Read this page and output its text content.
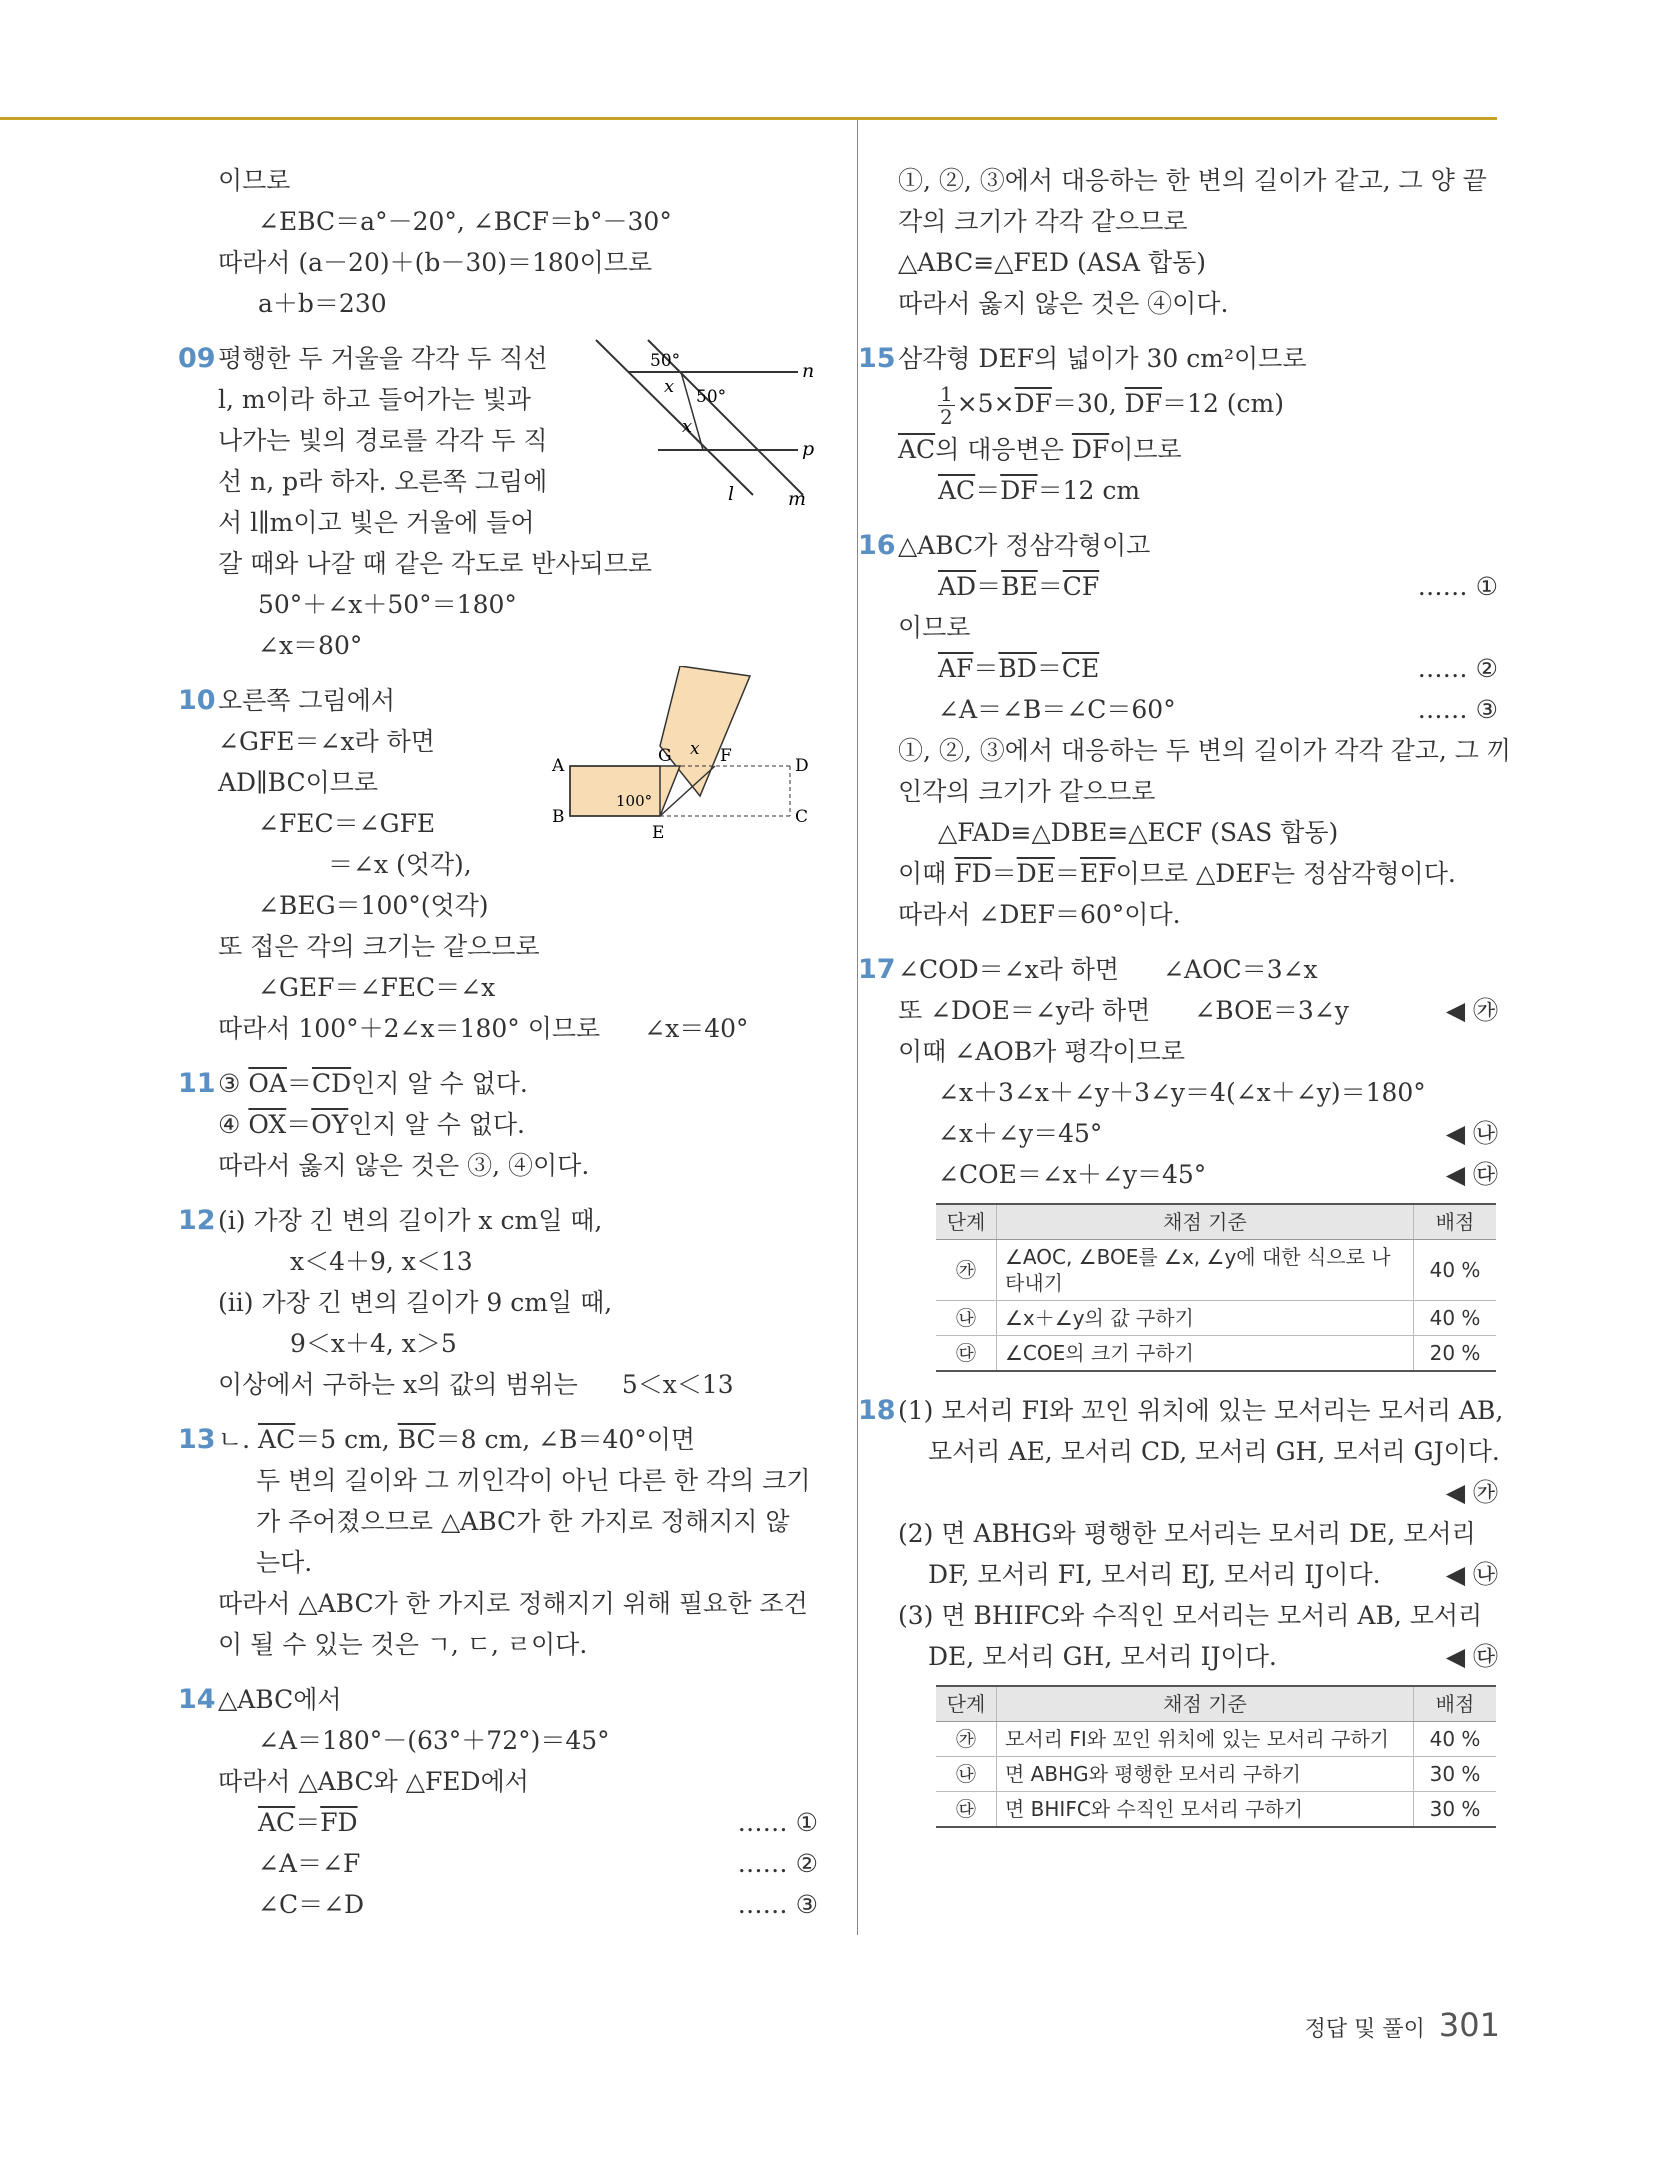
이므로
∠EBC＝a°－20°, ∠BCF＝b°－30°
따라서 (a－20)＋(b－30)＝180이므로
a＋b＝230
09 평행한 두 거울을 각각 두 직선
l, m이라 하고 들어가는 빛과
나가는 빛의 경로를 각각 두 직
선 n, p라 하자. 오른쪽 그림에
서 l∥m이고 빛은 거울에 들어
갈 때와 나갈 때 같은 각도로 반사되므로
50°＋∠x＋50°＝180°
∠x＝80°
50°
50°
x
x
n
p
l	m
10 오른쪽 그림에서
∠GFE＝∠x라 하면
AD∥BC이므로
∠FEC＝∠GFE
＝∠x (엇각),
∠BEG＝100°(엇각)
또 접은 각의 크기는 같으므로
∠GEF＝∠FEC＝∠x
따라서 100°＋2∠x＝180° 이므로 ∠x＝40°
A
B	C
D
E
F
G x
100°
11 ③ $\overline{OA}=\overline{CD}$인지 알 수 없다.
④ $\overline{OX}=\overline{OY}$인지 알 수 없다.
따라서 옳지 않은 것은 ③, ④이다.
12 (i) 가장 긴 변의 길이가 x cm일 때,
x＜4＋9, x＜13
(ii) 가장 긴 변의 길이가 9 cm일 때,
9＜x＋4, x＞5
이상에서 구하는 x의 값의 범위는 5＜x＜13
13 ㄴ. $\overline{AC}=5$ cm, $\overline{BC}=8$ cm, ∠B＝40°이면
두 변의 길이와 그 끼인각이 아닌 다른 한 각의 크기
가 주어졌으므로 △ABC가 한 가지로 정해지지 않
는다.
따라서 △ABC가 한 가지로 정해지기 위해 필요한 조건
이 될 수 있는 것은 ㄱ, ㄷ, ㄹ이다.
14 △ABC에서
∠A＝180°－(63°＋72°)＝45°
따라서 △ABC와 △FED에서
$\overline{AC}=\overline{FD}$	…… ①
∠A＝∠F	…… ②
∠C＝∠D	…… ③
①, ②, ③에서 대응하는 한 변의 길이가 같고, 그 양 끝
각의 크기가 각각 같으므로
△ABC≡△FED (ASA 합동)
따라서 옳지 않은 것은 ④이다.
15 삼각형 DEF의 넓이가 30 cm²이므로
$\frac{1}{2} \times 5\times\overline{DF}=30$, $\overline{DF}=12$ (cm)
$\overline{AC}$의 대응변은 $\overline{DF}$이므로
$\overline{AC}=\overline{DF}=12$ cm
16 △ABC가 정삼각형이고
$\overline{AD}=\overline{BE}=\overline{CF}$	…… ①
이므로
$\overline{AF}=\overline{BD}=\overline{CE}$	…… ②
∠A＝∠B＝∠C＝60°	…… ③
①, ②, ③에서 대응하는 두 변의 길이가 각각 같고, 그 끼
인각의 크기가 같으므로
△FAD≡△DBE≡△ECF (SAS 합동)
이때 $\overline{FD}=\overline{DE}=\overline{EF}$이므로 △DEF는 정삼각형이다.
따라서 ∠DEF＝60°이다.
17 ∠COD＝∠x라 하면 ∠AOC＝3∠x
또 ∠DOE＝∠y라 하면 ∠BOE＝3∠y	◀ ㉮
이때 ∠AOB가 평각이므로
∠x＋3∠x＋∠y＋3∠y＝4(∠x＋∠y)＝180°
∠x＋∠y＝45°	◀ ㉯
∠COE＝∠x＋∠y＝45°	◀ ㉰
단계	채점 기준	배점
㉮	∠AOC, ∠BOE를 ∠x, ∠y에 대한 식으로 나타내기	40 %
㉯	∠x＋∠y의 값 구하기	40 %
㉰	∠COE의 크기 구하기	20 %
18 (1) 모서리 FI와 꼬인 위치에 있는 모서리는 모서리 AB,
모서리 AE, 모서리 CD, 모서리 GH, 모서리 GJ이다.
◀ ㉮
(2) 면 ABHG와 평행한 모서리는 모서리 DE, 모서리
DF, 모서리 FI, 모서리 EJ, 모서리 IJ이다.	◀ ㉯
(3) 면 BHIFC와 수직인 모서리는 모서리 AB, 모서리
DE, 모서리 GH, 모서리 IJ이다.	◀ ㉰
단계	채점 기준	배점
㉮	모서리 FI와 꼬인 위치에 있는 모서리 구하기	40 %
㉯	면 ABHG와 평행한 모서리 구하기	30 %
㉰	면 BHIFC와 수직인 모서리 구하기	30 %
정답 및 풀이 301
